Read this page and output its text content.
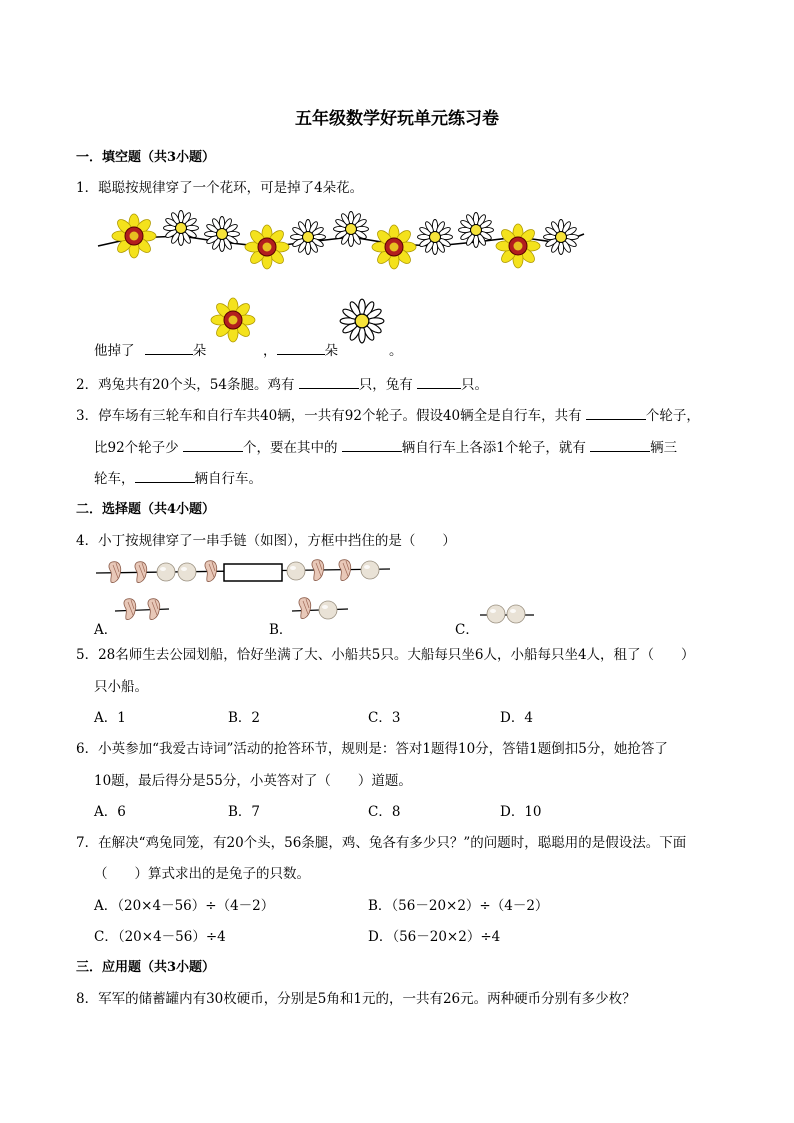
五年级数学好玩单元练习卷
一．填空题（共3小题）
1．聪聪按规律穿了一个花环，可是掉了4朵花。
他掉了	朵	，	朵	。
2．鸡兔共有20个头，54条腿。鸡有	只，兔有	只。
3．停车场有三轮车和自行车共40辆，一共有92个轮子。假设40辆全是自行车，共有	个轮子，
比92个轮子少	个，要在其中的	辆自行车上各添1个轮子，就有	辆三
轮车，	辆自行车。
二．选择题（共4小题）
4．小丁按规律穿了一串手链（如图），方框中挡住的是（　　）
A．	B．	C．
5．28名师生去公园划船，恰好坐满了大、小船共5只。大船每只坐6人，小船每只坐4人，租了（　　）
只小船。
A．1	B．2	C．3	D．4
6．小英参加“我爱古诗词”活动的抢答环节，规则是：答对1题得10分，答错1题倒扣5分，她抢答了
10题，最后得分是55分，小英答对了（　　）道题。
A．6	B．7	C．8	D．10
7．在解决“鸡兔同笼，有20个头，56条腿，鸡、兔各有多少只？”的问题时，聪聪用的是假设法。下面
（　　）算式求出的是兔子的只数。
A．（20×4－56）÷（4－2）	B．（56－20×2）÷（4－2）
C．（20×4－56）÷4	D．（56－20×2）÷4
三．应用题（共3小题）
8．军军的储蓄罐内有30枚硬币，分别是5角和1元的，一共有26元。两种硬币分别有多少枚？
